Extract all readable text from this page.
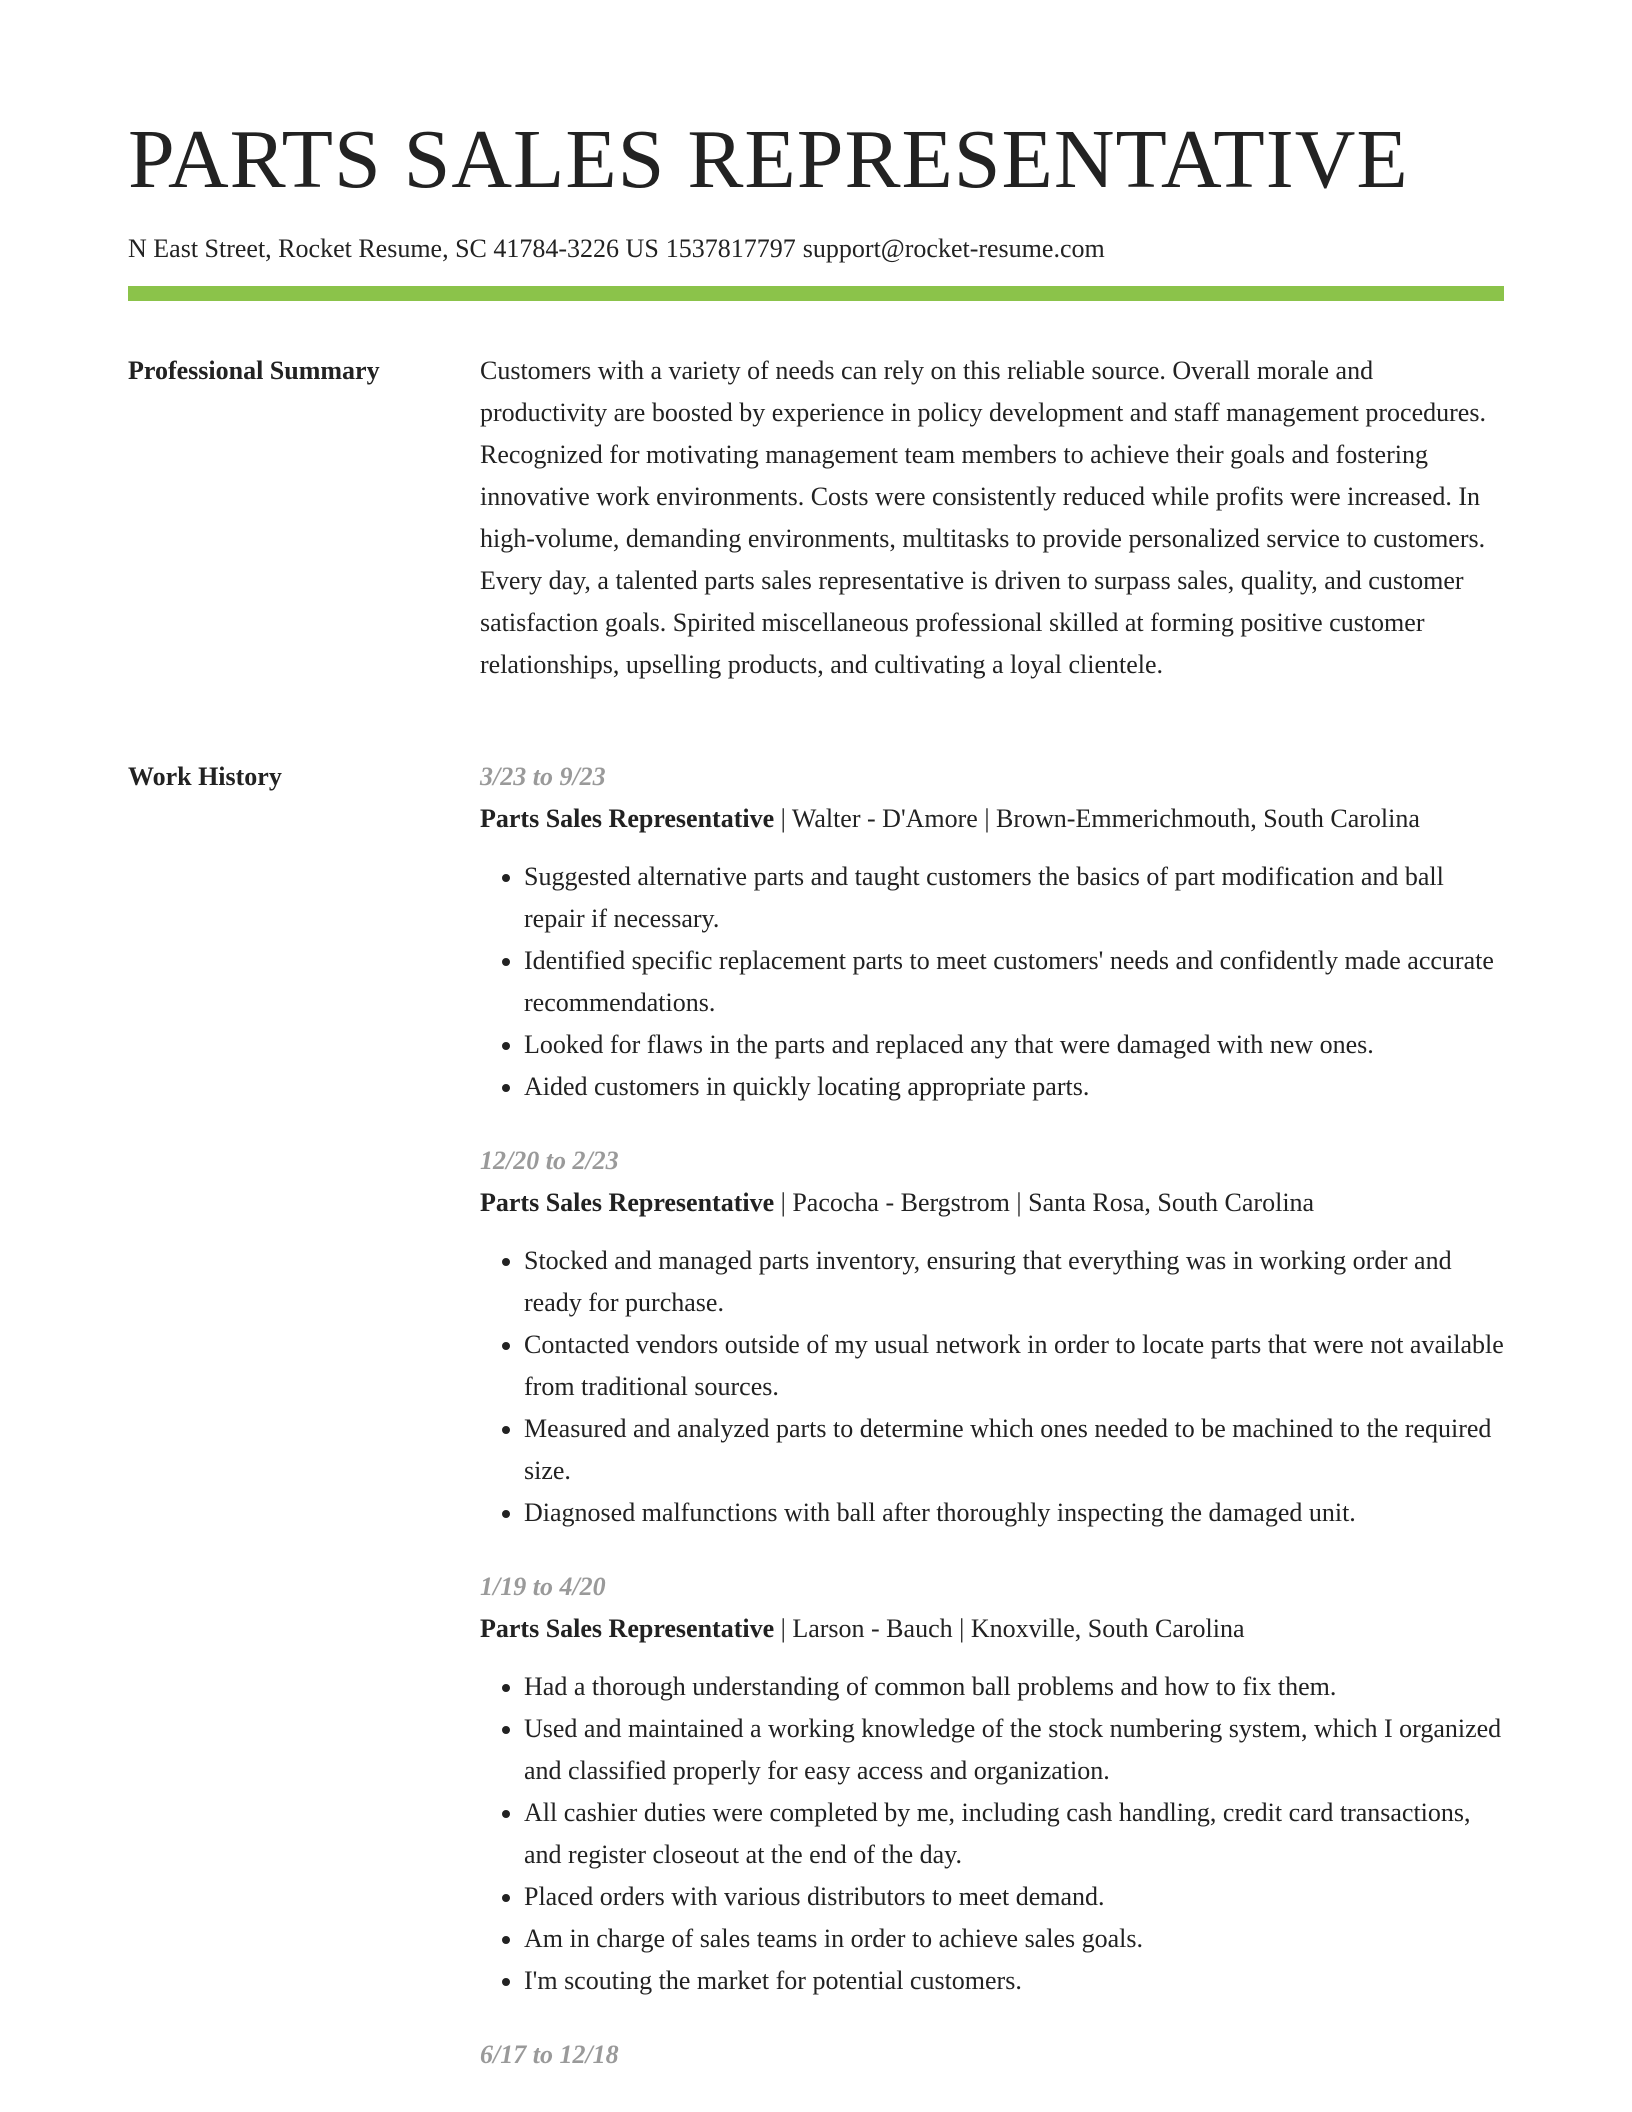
PARTS SALES REPRESENTATIVE
N East Street, Rocket Resume, SC 41784-3226 US 1537817797 support@rocket-resume.com
Professional Summary	Customers with a variety of needs can rely on this reliable source. Overall morale and productivity are boosted by experience in policy development and staff management procedures. Recognized for motivating management team members to achieve their goals and fostering innovative work environments. Costs were consistently reduced while profits were increased. In high-volume, demanding environments, multitasks to provide personalized service to customers. Every day, a talented parts sales representative is driven to surpass sales, quality, and customer satisfaction goals. Spirited miscellaneous professional skilled at forming positive customer relationships, upselling products, and cultivating a loyal clientele.

Work History	3/23 to 9/23
Parts Sales Representative | Walter - D'Amore | Brown-Emmerichmouth, South Carolina
• Suggested alternative parts and taught customers the basics of part modification and ball repair if necessary.
• Identified specific replacement parts to meet customers' needs and confidently made accurate recommendations.
• Looked for flaws in the parts and replaced any that were damaged with new ones.
• Aided customers in quickly locating appropriate parts.
12/20 to 2/23
Parts Sales Representative | Pacocha - Bergstrom | Santa Rosa, South Carolina
• Stocked and managed parts inventory, ensuring that everything was in working order and ready for purchase.
• Contacted vendors outside of my usual network in order to locate parts that were not available from traditional sources.
• Measured and analyzed parts to determine which ones needed to be machined to the required size.
• Diagnosed malfunctions with ball after thoroughly inspecting the damaged unit.
1/19 to 4/20
Parts Sales Representative | Larson - Bauch | Knoxville, South Carolina
• Had a thorough understanding of common ball problems and how to fix them.
• Used and maintained a working knowledge of the stock numbering system, which I organized and classified properly for easy access and organization.
• All cashier duties were completed by me, including cash handling, credit card transactions, and register closeout at the end of the day.
• Placed orders with various distributors to meet demand.
• Am in charge of sales teams in order to achieve sales goals.
• I'm scouting the market for potential customers.
6/17 to 12/18
